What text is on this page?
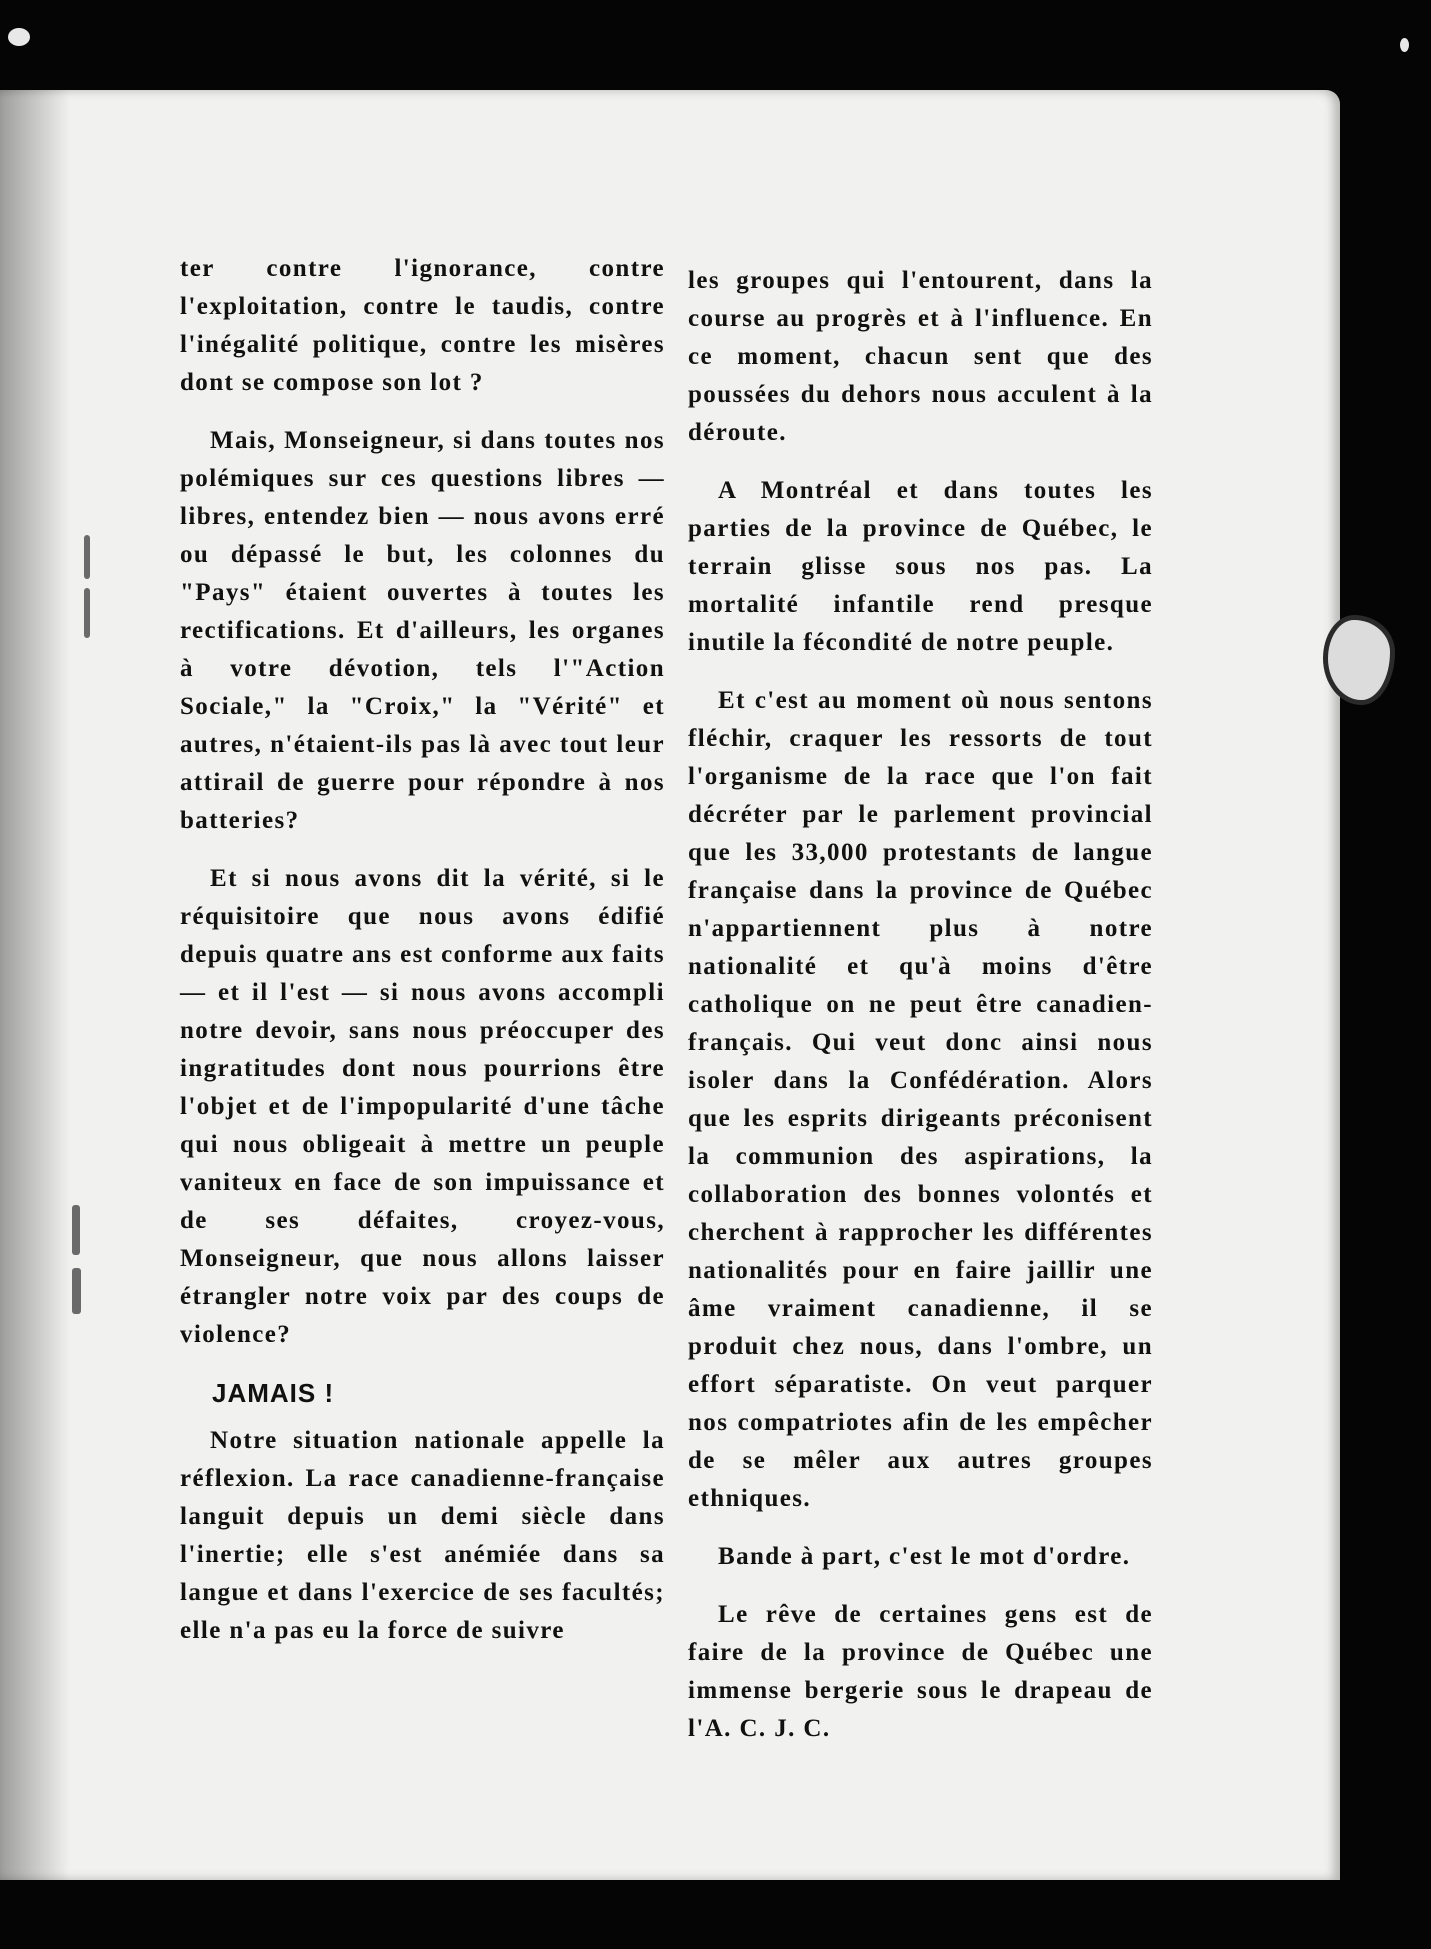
ter contre l'ignorance, contre l'exploitation, contre le taudis, contre l'inégalité politique, contre les misères dont se compose son lot ?

Mais, Monseigneur, si dans toutes nos polémiques sur ces questions libres — libres, entendez bien — nous avons erré ou dépassé le but, les colonnes du "Pays" étaient ouvertes à toutes les rectifications. Et d'ailleurs, les organes à votre dévotion, tels l'"Action Sociale," la "Croix," la "Vérité" et autres, n'étaient-ils pas là avec tout leur attirail de guerre pour répondre à nos batteries?

Et si nous avons dit la vérité, si le réquisitoire que nous avons édifié depuis quatre ans est conforme aux faits — et il l'est — si nous avons accompli notre devoir, sans nous préoccuper des ingratitudes dont nous pourrions être l'objet et de l'impopularité d'une tâche qui nous obligeait à mettre un peuple vaniteux en face de son impuissance et de ses défaites, croyez-vous, Monseigneur, que nous allons laisser étrangler notre voix par des coups de violence?

JAMAIS !

Notre situation nationale appelle la réflexion. La race canadienne-française languit depuis un demi siècle dans l'inertie; elle s'est anémiée dans sa langue et dans l'exercice de ses facultés; elle n'a pas eu la force de suivre

les groupes qui l'entourent, dans la course au progrès et à l'influence. En ce moment, chacun sent que des poussées du dehors nous acculent à la déroute.

A Montréal et dans toutes les parties de la province de Québec, le terrain glisse sous nos pas. La mortalité infantile rend presque inutile la fécondité de notre peuple.

Et c'est au moment où nous sentons fléchir, craquer les ressorts de tout l'organisme de la race que l'on fait décréter par le parlement provincial que les 33,000 protestants de langue française dans la province de Québec n'appartiennent plus à notre nationalité et qu'à moins d'être catholique on ne peut être canadien-français. Qui veut donc ainsi nous isoler dans la Confédération. Alors que les esprits dirigeants préconisent la communion des aspirations, la collaboration des bonnes volontés et cherchent à rapprocher les différentes nationalités pour en faire jaillir une âme vraiment canadienne, il se produit chez nous, dans l'ombre, un effort séparatiste. On veut parquer nos compatriotes afin de les empêcher de se mêler aux autres groupes ethniques.

Bande à part, c'est le mot d'ordre.

Le rêve de certaines gens est de faire de la province de Québec une immense bergerie sous le drapeau de l'A. C. J. C.
